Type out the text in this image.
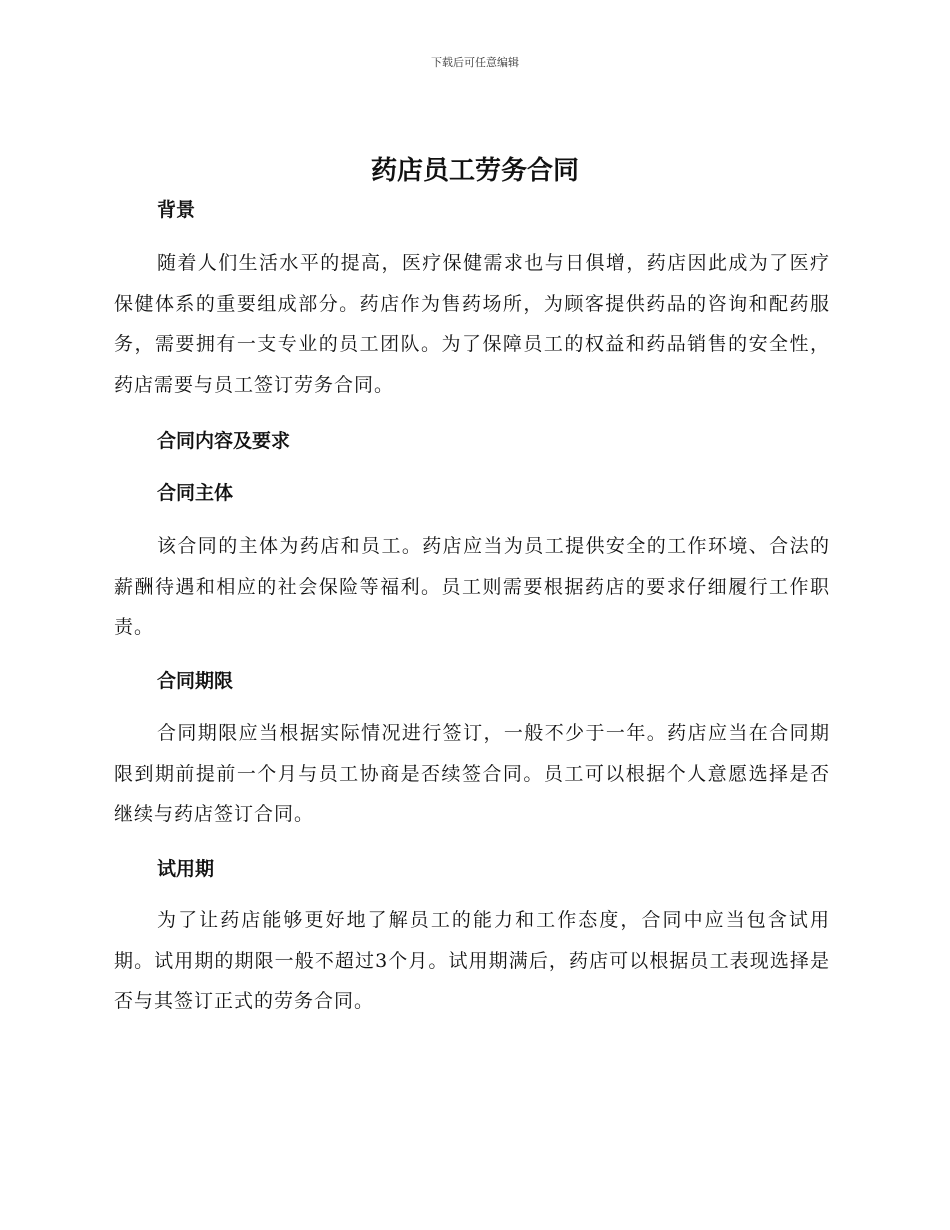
下载后可任意编辑
药店员工劳务合同
背景

随着人们生活水平的提高，医疗保健需求也与日俱增，药店因此成为了医疗保健体系的重要组成部分。药店作为售药场所，为顾客提供药品的咨询和配药服务，需要拥有一支专业的员工团队。为了保障员工的权益和药品销售的安全性，药店需要与员工签订劳务合同。

合同内容及要求
合同主体

该合同的主体为药店和员工。药店应当为员工提供安全的工作环境、合法的薪酬待遇和相应的社会保险等福利。员工则需要根据药店的要求仔细履行工作职责。

合同期限

合同期限应当根据实际情况进行签订，一般不少于一年。药店应当在合同期限到期前提前一个月与员工协商是否续签合同。员工可以根据个人意愿选择是否继续与药店签订合同。

试用期

为了让药店能够更好地了解员工的能力和工作态度，合同中应当包含试用期。试用期的期限一般不超过3个月。试用期满后，药店可以根据员工表现选择是否与其签订正式的劳务合同。
